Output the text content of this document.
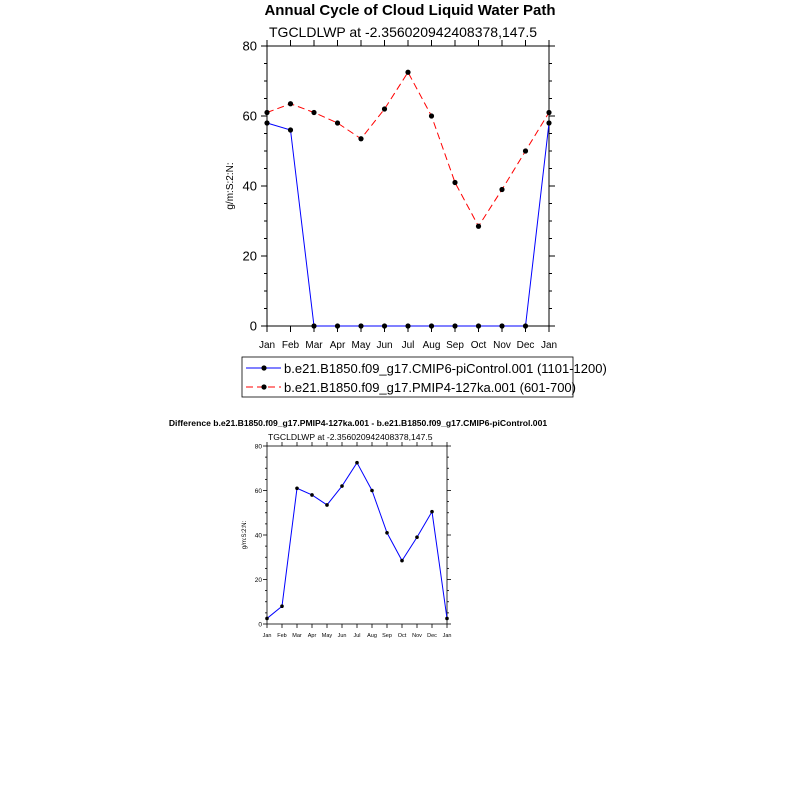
Annual Cycle of Cloud Liquid Water Path
TGCLDLWP at -2.356020942408378,147.5
g/m:S:2:N:
0
20
40
60
80
Jan Feb Mar Apr May Jun Jul Aug Sep Oct Nov Dec Jan
b.e21.B1850.f09_g17.CMIP6-piControl.001 (1101-1200)
b.e21.B1850.f09_g17.PMIP4-127ka.001 (601-700)
Difference b.e21.B1850.f09_g17.PMIP4-127ka.001 - b.e21.B1850.f09_g17.CMIP6-piControl.001
TGCLDLWP at -2.356020942408378,147.5
g/m:S:2:N:
0
20
40
60
80
Jan Feb Mar Apr May Jun Jul Aug Sep Oct Nov Dec Jan
